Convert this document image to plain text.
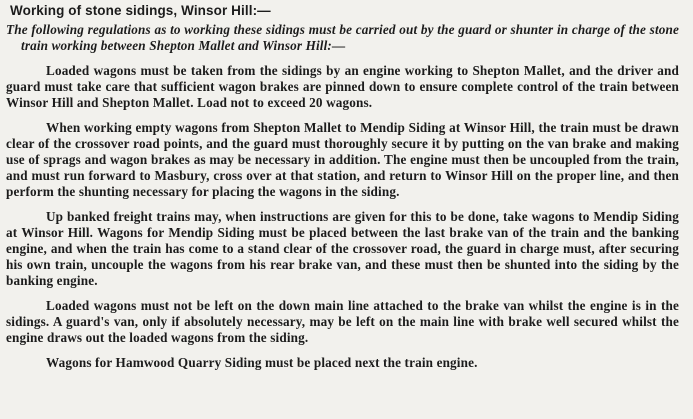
Working of stone sidings, Winsor Hill:—
The following regulations as to working these sidings must be carried out by the guard or shunter in charge of the stone train working between Shepton Mallet and Winsor Hill:—

Loaded wagons must be taken from the sidings by an engine working to Shepton Mallet, and the driver and guard must take care that sufficient wagon brakes are pinned down to ensure complete control of the train between Winsor Hill and Shepton Mallet. Load not to exceed 20 wagons.

When working empty wagons from Shepton Mallet to Mendip Siding at Winsor Hill, the train must be drawn clear of the crossover road points, and the guard must thoroughly secure it by putting on the van brake and making use of sprags and wagon brakes as may be necessary in addition. The engine must then be uncoupled from the train, and must run forward to Masbury, cross over at that station, and return to Winsor Hill on the proper line, and then perform the shunting necessary for placing the wagons in the siding.

Up banked freight trains may, when instructions are given for this to be done, take wagons to Mendip Siding at Winsor Hill. Wagons for Mendip Siding must be placed between the last brake van of the train and the banking engine, and when the train has come to a stand clear of the crossover road, the guard in charge must, after securing his own train, uncouple the wagons from his rear brake van, and these must then be shunted into the siding by the banking engine.

Loaded wagons must not be left on the down main line attached to the brake van whilst the engine is in the sidings. A guard's van, only if absolutely necessary, may be left on the main line with brake well secured whilst the engine draws out the loaded wagons from the siding.

Wagons for Hamwood Quarry Siding must be placed next the train engine.
